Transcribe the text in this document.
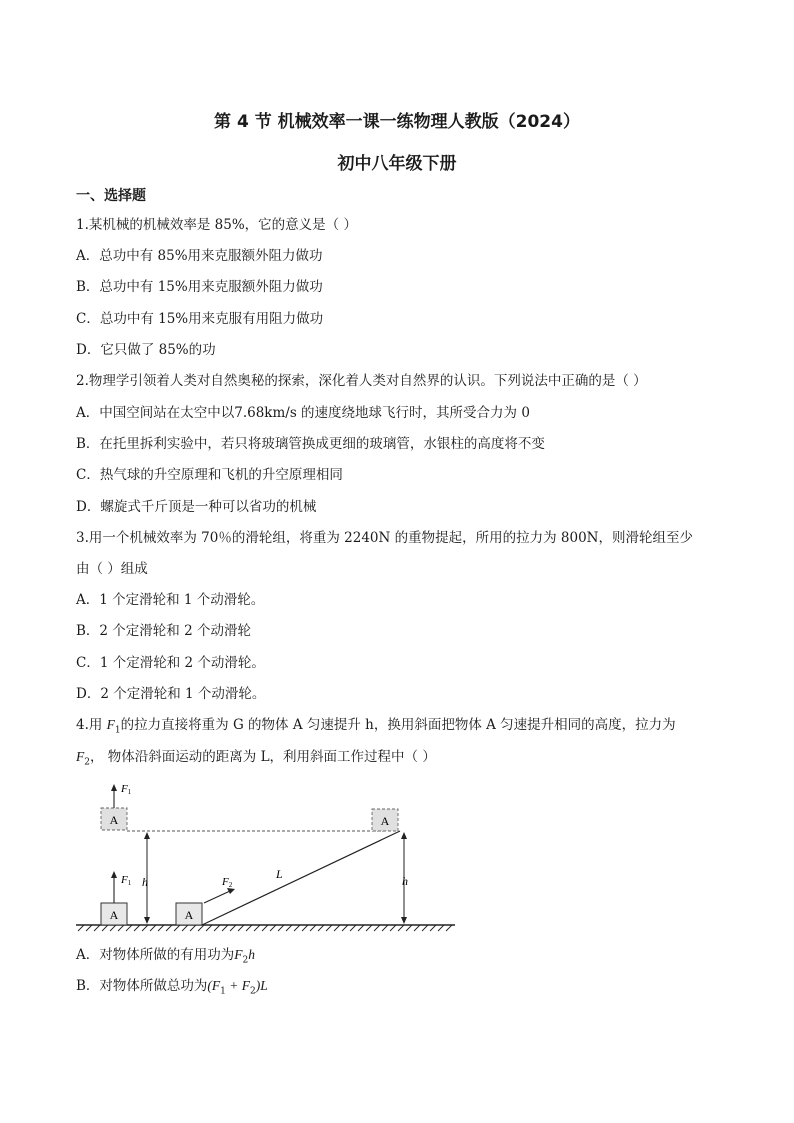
第 4 节 机械效率一课一练物理人教版（2024）
初中八年级下册
一、选择题
1.某机械的机械效率是 85%，它的意义是（ ）
A．总功中有 85%用来克服额外阻力做功
B．总功中有 15%用来克服额外阻力做功
C．总功中有 15%用来克服有用阻力做功
D．它只做了 85%的功
2.物理学引领着人类对自然奥秘的探索，深化着人类对自然界的认识。下列说法中正确的是（ ）
A．中国空间站在太空中以7.68km/s 的速度绕地球飞行时，其所受合力为 0
B．在托里拆利实验中，若只将玻璃管换成更细的玻璃管，水银柱的高度将不变
C．热气球的升空原理和飞机的升空原理相同
D．螺旋式千斤顶是一种可以省功的机械
3.用一个机械效率为 70％的滑轮组，将重为 2240N 的重物提起，所用的拉力为 800N，则滑轮组至少
由（ ）组成
A．1 个定滑轮和 1 个动滑轮。
B．2 个定滑轮和 2 个动滑轮
C．1 个定滑轮和 2 个动滑轮。
D．2 个定滑轮和 1 个动滑轮。
4.用 $F_1$的拉力直接将重为 G 的物体 A 匀速提升 h，换用斜面把物体 A 匀速提升相同的高度，拉力为
$F_2$， 物体沿斜面运动的距离为 L，利用斜面工作过程中（ ）
A
F1
A
F1 h
A
L
F2
A
h
A．对物体所做的有用功为$F_2h$
B．对物体所做总功为$(F_1 + F_2)L$
